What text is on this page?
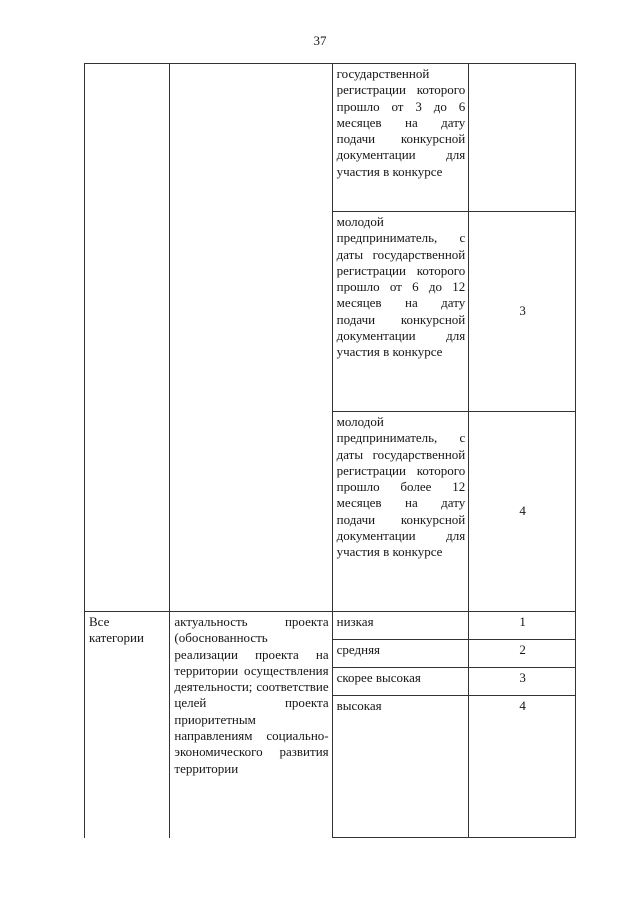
37
		государственной регистрации которого прошло от 3 до 6 месяцев на дату подачи конкурсной документации для участия в конкурсе	
		молодой предприниматель, с даты государственной регистрации которого прошло от 6 до 12 месяцев на дату подачи конкурсной документации для участия в конкурсе	3
		молодой предприниматель, с даты государственной регистрации которого прошло более 12 месяцев на дату подачи конкурсной документации для участия в конкурсе	4
Все категории	актуальность проекта (обоснованность реализации проекта на территории осуществления деятельности; соответствие целей проекта приоритетным направлениям социально-экономического развития территории	низкая	1
		средняя	2
		скорее высокая	3
		высокая	4
